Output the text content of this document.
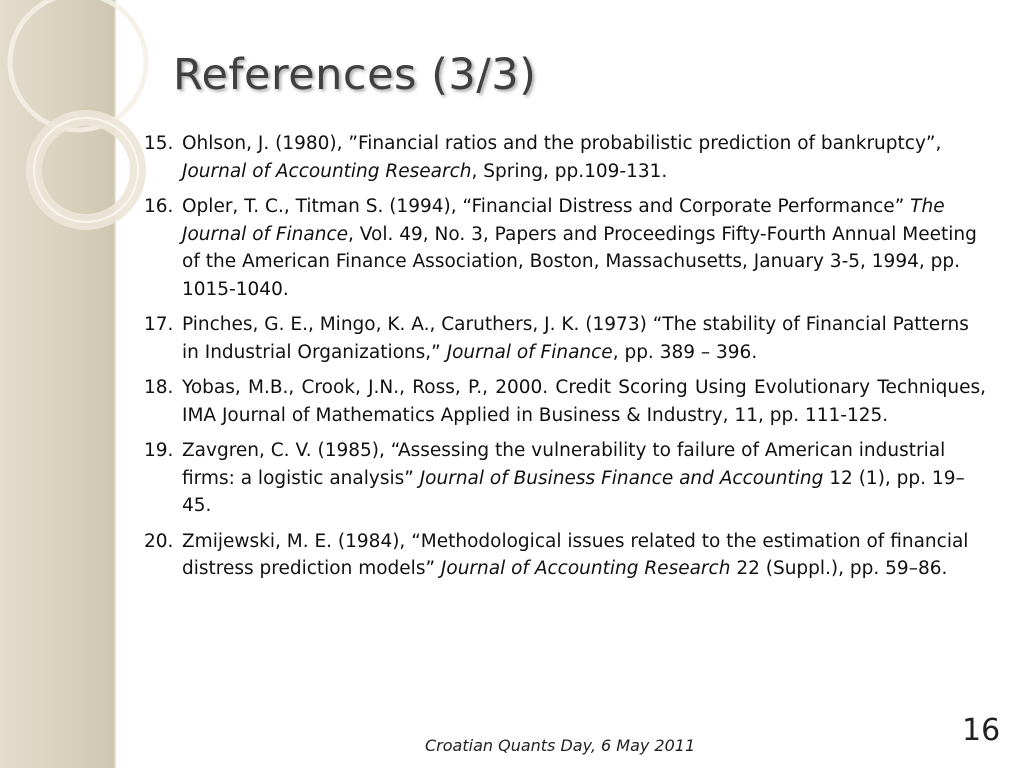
References (3/3)
15. Ohlson, J. (1980), ”Financial ratios and the probabilistic prediction of bankruptcy”, Journal of Accounting Research, Spring, pp.109-131.
16. Opler, T. C., Titman S. (1994), “Financial Distress and Corporate Performance” The Journal of Finance, Vol. 49, No. 3, Papers and Proceedings Fifty-Fourth Annual Meeting of the American Finance Association, Boston, Massachusetts, January 3-5, 1994, pp. 1015-1040.
17. Pinches, G. E., Mingo, K. A., Caruthers, J. K. (1973) “The stability of Financial Patterns in Industrial Organizations,” Journal of Finance, pp. 389 – 396.
18. Yobas, M.B., Crook, J.N., Ross, P., 2000. Credit Scoring Using Evolutionary Techniques, IMA Journal of Mathematics Applied in Business & Industry, 11, pp. 111-125.
19. Zavgren, C. V. (1985), “Assessing the vulnerability to failure of American industrial firms: a logistic analysis” Journal of Business Finance and Accounting 12 (1), pp. 19–45.
20. Zmijewski, M. E. (1984), “Methodological issues related to the estimation of financial distress prediction models” Journal of Accounting Research 22 (Suppl.), pp. 59–86.
Croatian Quants Day, 6 May 2011	16
